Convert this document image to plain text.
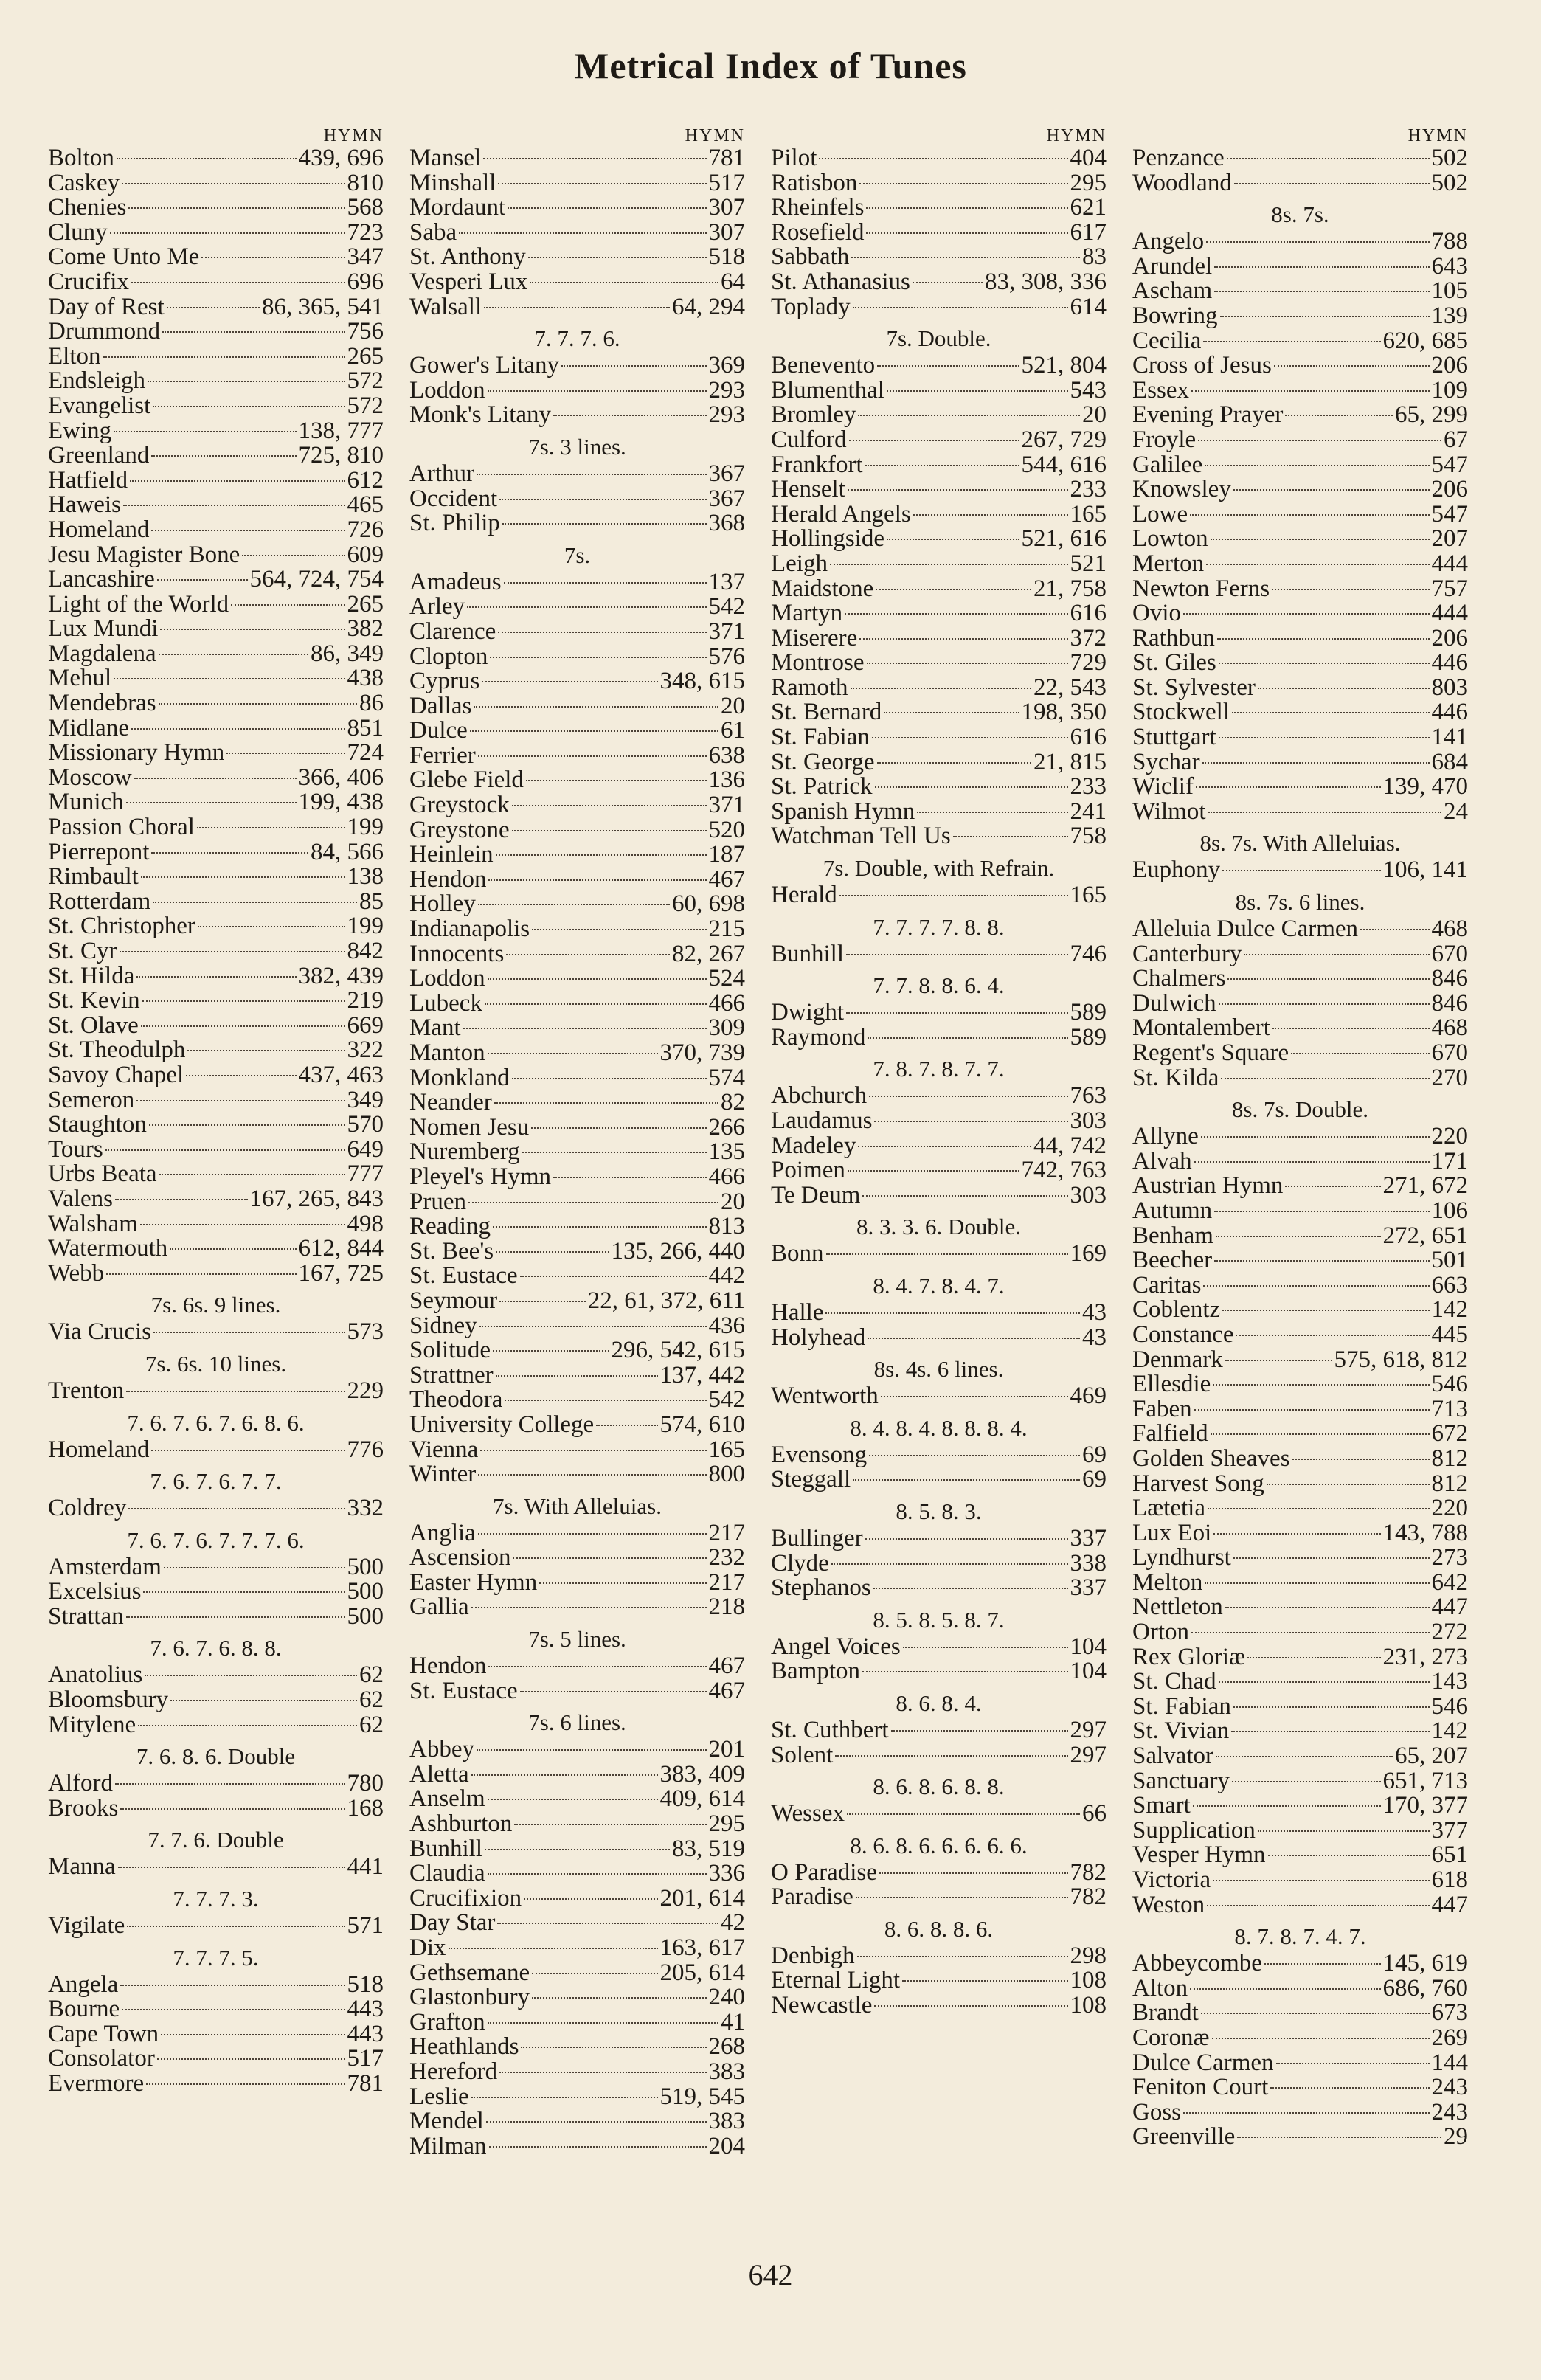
Metrical Index of Tunes
HYMN
Bolton	439, 696
Caskey	810
Chenies	568
Cluny	723
Come Unto Me	347
Crucifix	696
Day of Rest	86, 365, 541
Drummond	756
Elton	265
Endsleigh	572
Evangelist	572
Ewing	138, 777
Greenland	725, 810
Hatfield	612
Haweis	465
Homeland	726
Jesu Magister Bone	609
Lancashire	564, 724, 754
Light of the World	265
Lux Mundi	382
Magdalena	86, 349
Mehul	438
Mendebras	86
Midlane	851
Missionary Hymn	724
Moscow	366, 406
Munich	199, 438
Passion Choral	199
Pierrepont	84, 566
Rimbault	138
Rotterdam	85
St. Christopher	199
St. Cyr	842
St. Hilda	382, 439
St. Kevin	219
St. Olave	669
St. Theodulph	322
Savoy Chapel	437, 463
Semeron	349
Staughton	570
Tours	649
Urbs Beata	777
Valens	167, 265, 843
Walsham	498
Watermouth	612, 844
Webb	167, 725
7s. 6s. 9 lines.
Via Crucis	573
7s. 6s. 10 lines.
Trenton	229
7. 6. 7. 6. 7. 6. 8. 6.
Homeland	776
7. 6. 7. 6. 7. 7.
Coldrey	332
7. 6. 7. 6. 7. 7. 7. 6.
Amsterdam	500
Excelsius	500
Strattan	500
7. 6. 7. 6. 8. 8.
Anatolius	62
Bloomsbury	62
Mitylene	62
7. 6. 8. 6. Double
Alford	780
Brooks	168
7. 7. 6. Double
Manna	441
7. 7. 7. 3.
Vigilate	571
7. 7. 7. 5.
Angela	518
Bourne	443
Cape Town	443
Consolator	517
Evermore	781
HYMN
Mansel	781
Minshall	517
Mordaunt	307
Saba	307
St. Anthony	518
Vesperi Lux	64
Walsall	64, 294
7. 7. 7. 6.
Gower's Litany	369
Loddon	293
Monk's Litany	293
7s. 3 lines.
Arthur	367
Occident	367
St. Philip	368
7s.
Amadeus	137
Arley	542
Clarence	371
Clopton	576
Cyprus	348, 615
Dallas	20
Dulce	61
Ferrier	638
Glebe Field	136
Greystock	371
Greystone	520
Heinlein	187
Hendon	467
Holley	60, 698
Indianapolis	215
Innocents	82, 267
Loddon	524
Lubeck	466
Mant	309
Manton	370, 739
Monkland	574
Neander	82
Nomen Jesu	266
Nuremberg	135
Pleyel's Hymn	466
Pruen	20
Reading	813
St. Bee's	135, 266, 440
St. Eustace	442
Seymour	22, 61, 372, 611
Sidney	436
Solitude	296, 542, 615
Strattner	137, 442
Theodora	542
University College	574, 610
Vienna	165
Winter	800
7s. With Alleluias.
Anglia	217
Ascension	232
Easter Hymn	217
Gallia	218
7s. 5 lines.
Hendon	467
St. Eustace	467
7s. 6 lines.
Abbey	201
Aletta	383, 409
Anselm	409, 614
Ashburton	295
Bunhill	83, 519
Claudia	336
Crucifixion	201, 614
Day Star	42
Dix	163, 617
Gethsemane	205, 614
Glastonbury	240
Grafton	41
Heathlands	268
Hereford	383
Leslie	519, 545
Mendel	383
Milman	204
HYMN
Pilot	404
Ratisbon	295
Rheinfels	621
Rosefield	617
Sabbath	83
St. Athanasius	83, 308, 336
Toplady	614
7s. Double.
Benevento	521, 804
Blumenthal	543
Bromley	20
Culford	267, 729
Frankfort	544, 616
Henselt	233
Herald Angels	165
Hollingside	521, 616
Leigh	521
Maidstone	21, 758
Martyn	616
Miserere	372
Montrose	729
Ramoth	22, 543
St. Bernard	198, 350
St. Fabian	616
St. George	21, 815
St. Patrick	233
Spanish Hymn	241
Watchman Tell Us	758
7s. Double, with Refrain.
Herald	165
7. 7. 7. 7. 8. 8.
Bunhill	746
7. 7. 8. 8. 6. 4.
Dwight	589
Raymond	589
7. 8. 7. 8. 7. 7.
Abchurch	763
Laudamus	303
Madeley	44, 742
Poimen	742, 763
Te Deum	303
8. 3. 3. 6. Double.
Bonn	169
8. 4. 7. 8. 4. 7.
Halle	43
Holyhead	43
8s. 4s. 6 lines.
Wentworth	469
8. 4. 8. 4. 8. 8. 8. 4.
Evensong	69
Steggall	69
8. 5. 8. 3.
Bullinger	337
Clyde	338
Stephanos	337
8. 5. 8. 5. 8. 7.
Angel Voices	104
Bampton	104
8. 6. 8. 4.
St. Cuthbert	297
Solent	297
8. 6. 8. 6. 8. 8.
Wessex	66
8. 6. 8. 6. 6. 6. 6. 6.
O Paradise	782
Paradise	782
8. 6. 8. 8. 6.
Denbigh	298
Eternal Light	108
Newcastle	108
HYMN
Penzance	502
Woodland	502
8s. 7s.
Angelo	788
Arundel	643
Ascham	105
Bowring	139
Cecilia	620, 685
Cross of Jesus	206
Essex	109
Evening Prayer	65, 299
Froyle	67
Galilee	547
Knowsley	206
Lowe	547
Lowton	207
Merton	444
Newton Ferns	757
Ovio	444
Rathbun	206
St. Giles	446
St. Sylvester	803
Stockwell	446
Stuttgart	141
Sychar	684
Wiclif	139, 470
Wilmot	24
8s. 7s. With Alleluias.
Euphony	106, 141
8s. 7s. 6 lines.
Alleluia Dulce Carmen	468
Canterbury	670
Chalmers	846
Dulwich	846
Montalembert	468
Regent's Square	670
St. Kilda	270
8s. 7s. Double.
Allyne	220
Alvah	171
Austrian Hymn	271, 672
Autumn	106
Benham	272, 651
Beecher	501
Caritas	663
Coblentz	142
Constance	445
Denmark	575, 618, 812
Ellesdie	546
Faben	713
Falfield	672
Golden Sheaves	812
Harvest Song	812
Lætetia	220
Lux Eoi	143, 788
Lyndhurst	273
Melton	642
Nettleton	447
Orton	272
Rex Gloriæ	231, 273
St. Chad	143
St. Fabian	546
St. Vivian	142
Salvator	65, 207
Sanctuary	651, 713
Smart	170, 377
Supplication	377
Vesper Hymn	651
Victoria	618
Weston	447
8. 7. 8. 7. 4. 7.
Abbeycombe	145, 619
Alton	686, 760
Brandt	673
Coronæ	269
Dulce Carmen	144
Feniton Court	243
Goss	243
Greenville	29
642
